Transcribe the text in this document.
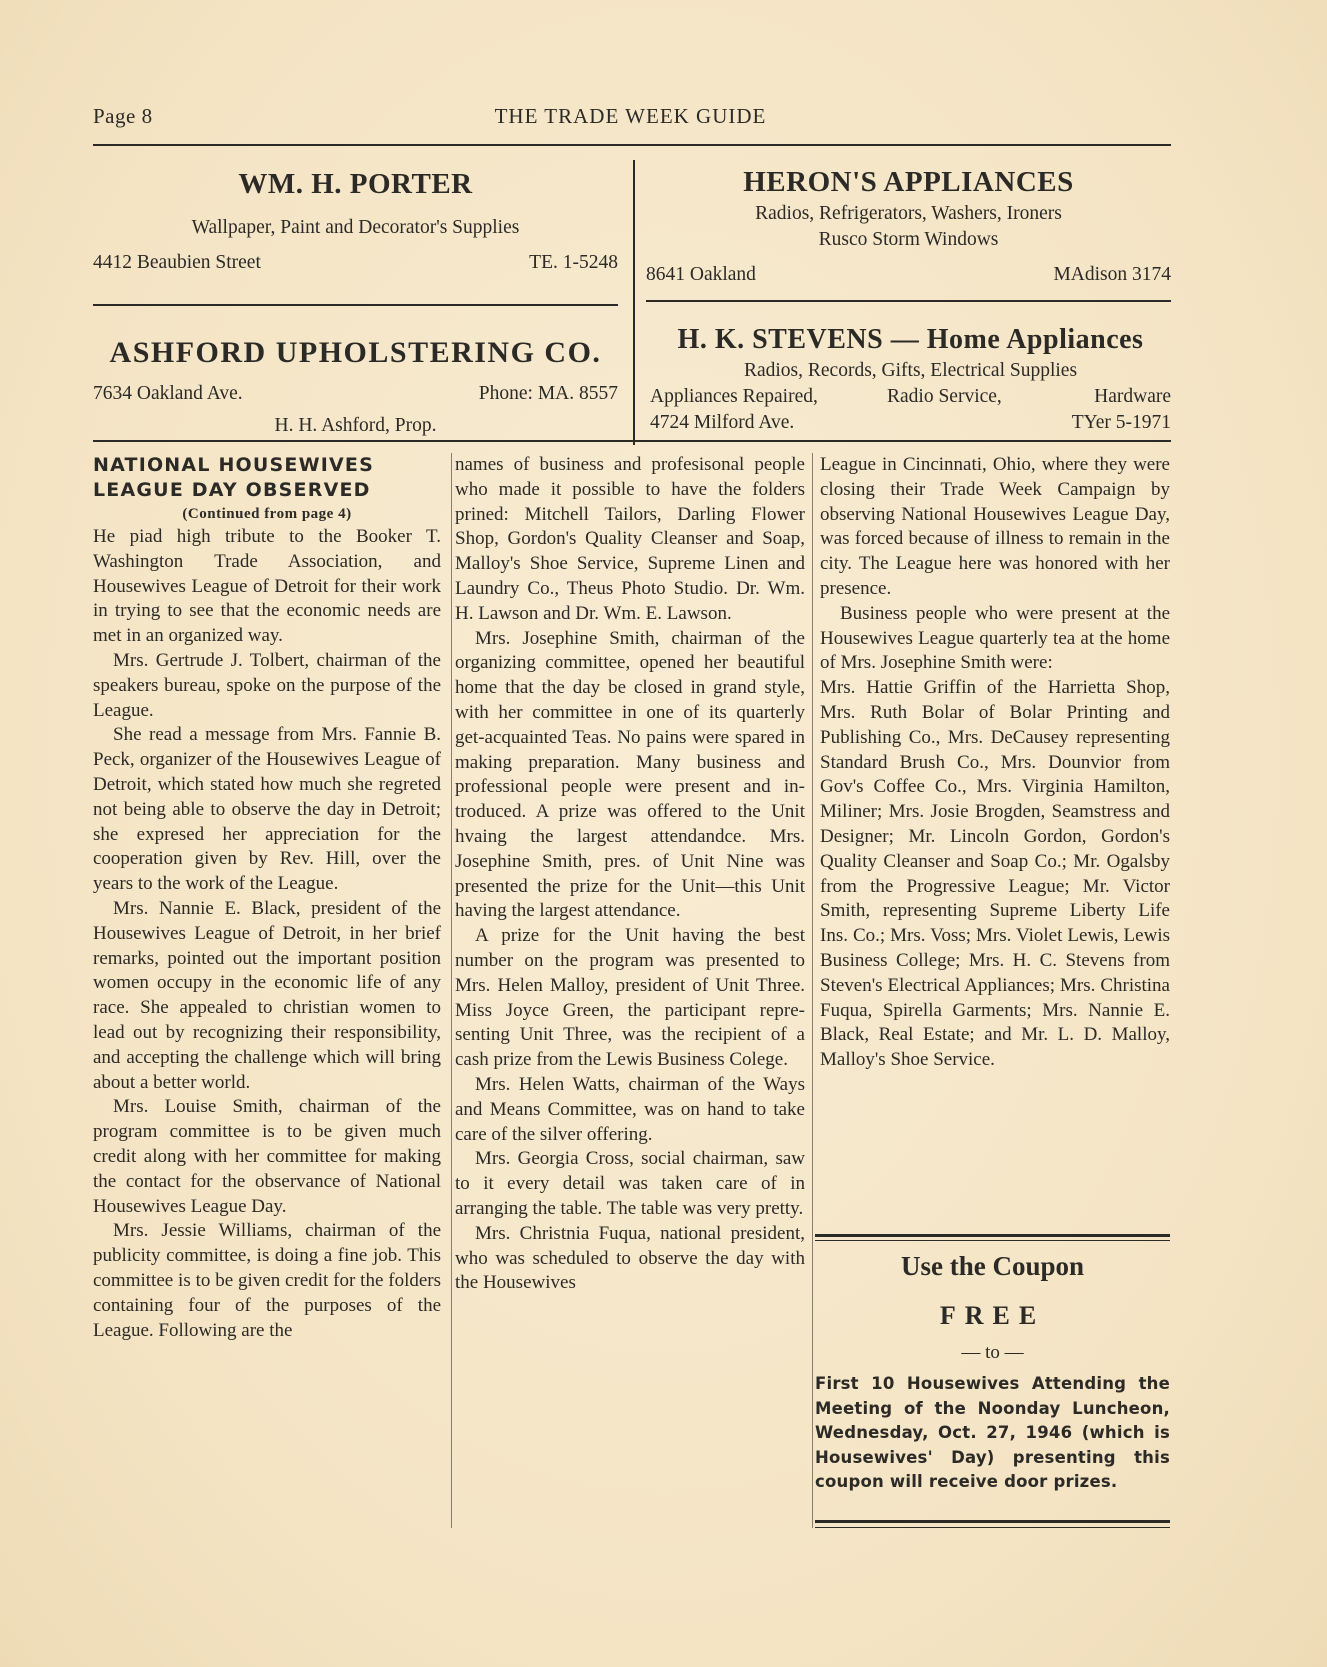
Page 8	THE TRADE WEEK GUIDE
WM. H. PORTER

Wallpaper, Paint and Decorator's Supplies

4412 Beaubien Street	TE. 1-5248
HERON'S APPLIANCES

Radios, Refrigerators, Washers, Ironers

Rusco Storm Windows

8641 Oakland	MAdison 3174
ASHFORD UPHOLSTERING CO.
7634 Oakland Ave.	Phone: MA. 8557

H. H. Ashford, Prop.

H. K. STEVENS — Home Appliances

Radios, Records, Gifts, Electrical Supplies

Appliances Repaired,	Radio Service,	Hardware
4724 Milford Ave.	TYer 5-1971

NATIONAL HOUSEWIVES

LEAGUE DAY OBSERVED

(Continued from page 4)

He piad high tribute to the Booker T. Washington Trade Association, and Housewives League of Detroit for their work in trying to see that the economic needs are met in an organized way.

Mrs. Gertrude J. Tolbert, chairman of the speakers bureau, spoke on the purpose of the League.

She read a message from Mrs. Fannie B. Peck, organizer of the Housewives League of Detroit, which stated how much she regreted not being able to observe the day in Detroit; she expresed her appreciation for the cooperation given by Rev. Hill, over the years to the work of the League.

Mrs. Nannie E. Black, president of the Housewives League of Detroit, in her brief remarks, pointed out the important position women occupy in the economic life of any race. She appealed to christian women to lead out by recognizing their responsibility, and accepting the challenge which will bring about a better world.

Mrs. Louise Smith, chairman of the program committee is to be given much credit along with her committee for making the contact for the observance of National Housewives League Day.

Mrs. Jessie Williams, chairman of the publicity committee, is doing a fine job. This committee is to be given credit for the folders containing four of the purposes of the League. Following are the

names of business and profesisonal people who made it possible to have the folders prined: Mitchell Tailors, Darling Flower Shop, Gordon's Quality Cleanser and Soap, Malloy's Shoe Service, Supreme Linen and Laundry Co., Theus Photo Studio. Dr. Wm. H. Lawson and Dr. Wm. E. Lawson.

Mrs. Josephine Smith, chairman of the organizing committee, opened her beautiful home that the day be closed in grand style, with her committee in one of its quarterly get-acquainted Teas. No pains were spared in making preparation. Many business and professional people were present and introduced. A prize was offered to the Unit hvaing the largest attendandce. Mrs. Josephine Smith, pres. of Unit Nine was presented the prize for the Unit—this Unit having the largest attendance.

A prize for the Unit having the best number on the program was presented to Mrs. Helen Malloy, president of Unit Three. Miss Joyce Green, the participant representing Unit Three, was the recipient of a cash prize from the Lewis Business Colege.

Mrs. Helen Watts, chairman of the Ways and Means Committee, was on hand to take care of the silver offering.

Mrs. Georgia Cross, social chairman, saw to it every detail was taken care of in arranging the table. The table was very pretty.

Mrs. Christnia Fuqua, national president, who was scheduled to observe the day with the Housewives

League in Cincinnati, Ohio, where they were closing their Trade Week Campaign by observing National Housewives League Day, was forced because of illness to remain in the city. The League here was honored with her presence.

Business people who were present at the Housewives League quarterly tea at the home of Mrs. Josephine Smith were:

Mrs. Hattie Griffin of the Harrietta Shop, Mrs. Ruth Bolar of Bolar Printing and Publishing Co., Mrs. DeCausey representing Standard Brush Co., Mrs. Dounvior from Gov's Coffee Co., Mrs. Virginia Hamilton, Miliner; Mrs. Josie Brogden, Seamstress and Designer; Mr. Lincoln Gordon, Gordon's Quality Cleanser and Soap Co.; Mr. Ogalsby from the Progressive League; Mr. Victor Smith, representing Supreme Liberty Life Ins. Co.; Mrs. Voss; Mrs. Violet Lewis, Lewis Business College; Mrs. H. C. Stevens from Steven's Electrical Appliances; Mrs. Christina Fuqua, Spirella Garments; Mrs. Nannie E. Black, Real Estate; and Mr. L. D. Malloy, Malloy's Shoe Service.

Use the Coupon
FREE
— to —
First 10 Housewives Attending the Meeting of the Noonday Luncheon, Wednesday, Oct. 27, 1946 (which is Housewives' Day) presenting this coupon will receive door prizes.
